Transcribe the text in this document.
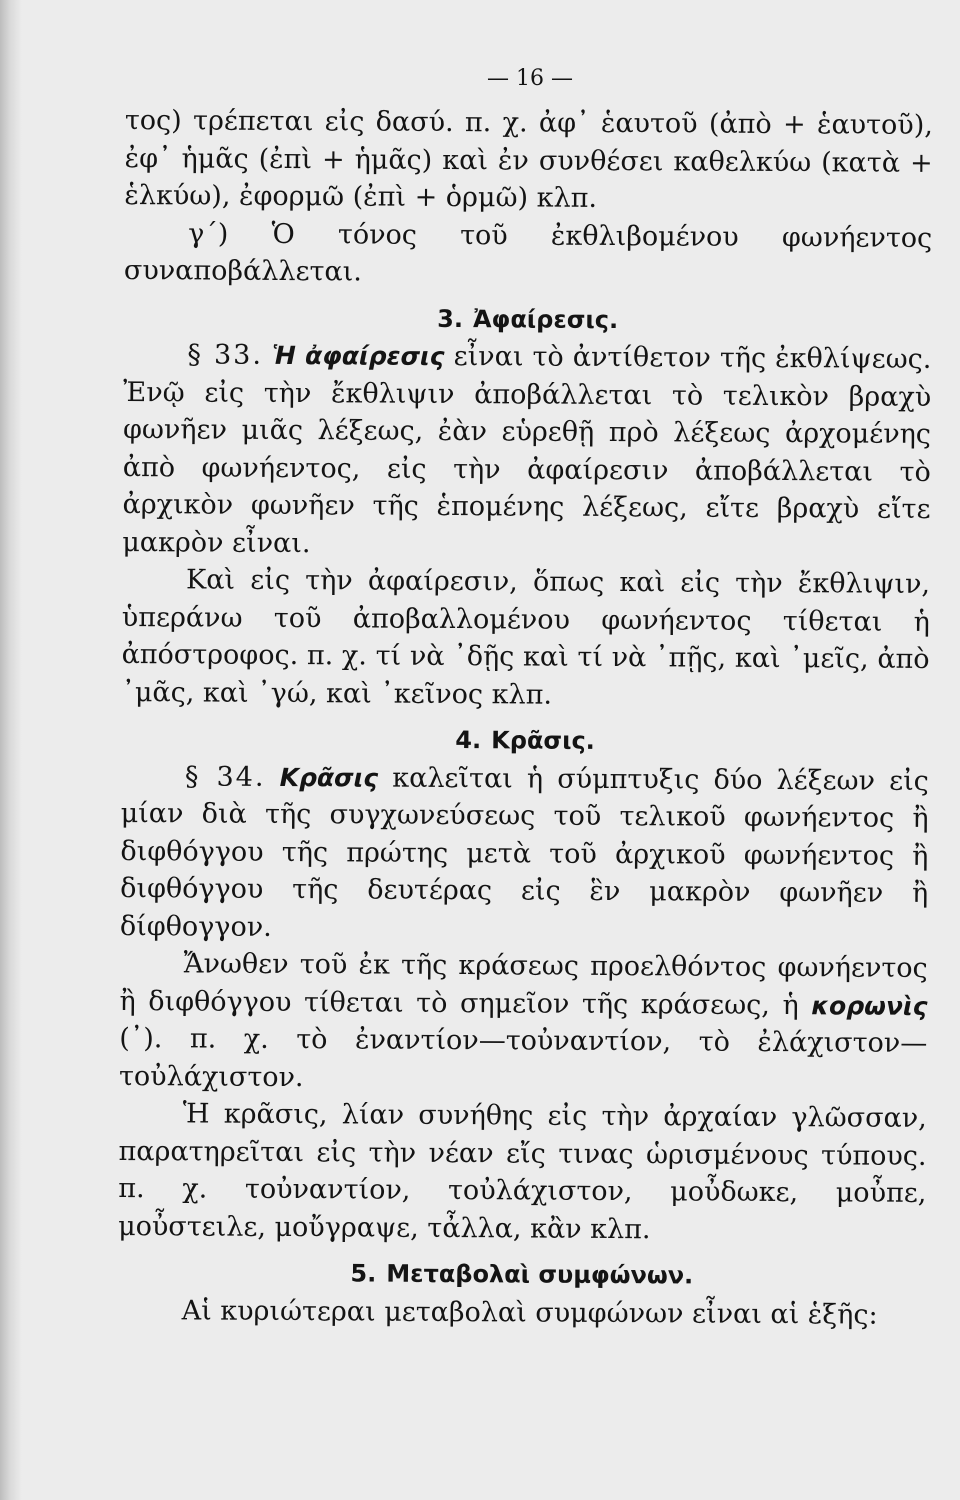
— 16 —

τος) τρέπεται εἰς δασύ. π. χ. ἀφ᾽ ἑαυτοῦ (ἀπὸ + ἑαυτοῦ), ἐφ᾽ ἡμᾶς (ἐπὶ + ἡμᾶς) καὶ ἐν συνθέσει καθελκύω (κατὰ + ἑλκύω), ἐφορμῶ (ἐπὶ + ὁρμῶ) κλπ.

γ΄) Ὁ τόνος τοῦ ἐκθλιβομένου φωνήεντος συναποβάλλεται.

3. Ἀφαίρεσις.

§ 33. Ἡ ἀφαίρεσις εἶναι τὸ ἀντίθετον τῆς ἐκθλίψεως. Ἐνῷ εἰς τὴν ἔκθλιψιν ἀποβάλλεται τὸ τελικὸν βραχὺ φωνῆεν μιᾶς λέξεως, ἐὰν εὑρεθῇ πρὸ λέξεως ἀρχομένης ἀπὸ φωνήεντος, εἰς τὴν ἀφαίρεσιν ἀποβάλλεται τὸ ἀρχικὸν φωνῆεν τῆς ἑπομένης λέξεως, εἴτε βραχὺ εἴτε μακρὸν εἶναι.

Καὶ εἰς τὴν ἀφαίρεσιν, ὅπως καὶ εἰς τὴν ἔκθλιψιν, ὑπεράνω τοῦ ἀποβαλλομένου φωνήεντος τίθεται ἡ ἀπόστροφος. π. χ. τί νὰ ᾽δῇς καὶ τί νὰ ᾽πῇς, καὶ ᾽μεῖς, ἀπὸ ᾽μᾶς, καὶ ᾽γώ, καὶ ᾽κεῖνος κλπ.

4. Κρᾶσις.

§ 34. Κρᾶσις καλεῖται ἡ σύμπτυξις δύο λέξεων εἰς μίαν διὰ τῆς συγχωνεύσεως τοῦ τελικοῦ φωνήεντος ἢ διφθόγγου τῆς πρώτης μετὰ τοῦ ἀρχικοῦ φωνήεντος ἢ διφθόγγου τῆς δευτέρας εἰς ἓν μακρὸν φωνῆεν ἢ δίφθογγον.

Ἄνωθεν τοῦ ἐκ τῆς κράσεως προελθόντος φωνήεντος ἢ διφθόγγου τίθεται τὸ σημεῖον τῆς κράσεως, ἡ κορωνὶς (᾽). π. χ. τὸ ἐναντίον—τοὐναντίον, τὸ ἐλάχιστον—τοὐλάχιστον.

Ἡ κρᾶσις, λίαν συνήθης εἰς τὴν ἀρχαίαν γλῶσσαν, παρατηρεῖται εἰς τὴν νέαν εἴς τινας ὡρισμένους τύπους. π. χ. τοὐναντίον, τοὐλάχιστον, μοὖδωκε, μοὖπε, μοὖστειλε, μοὔγραψε, τἆλλα, κἂν κλπ.

5. Μεταβολαὶ συμφώνων.

Αἱ κυριώτεραι μεταβολαὶ συμφώνων εἶναι αἱ ἑξῆς:
